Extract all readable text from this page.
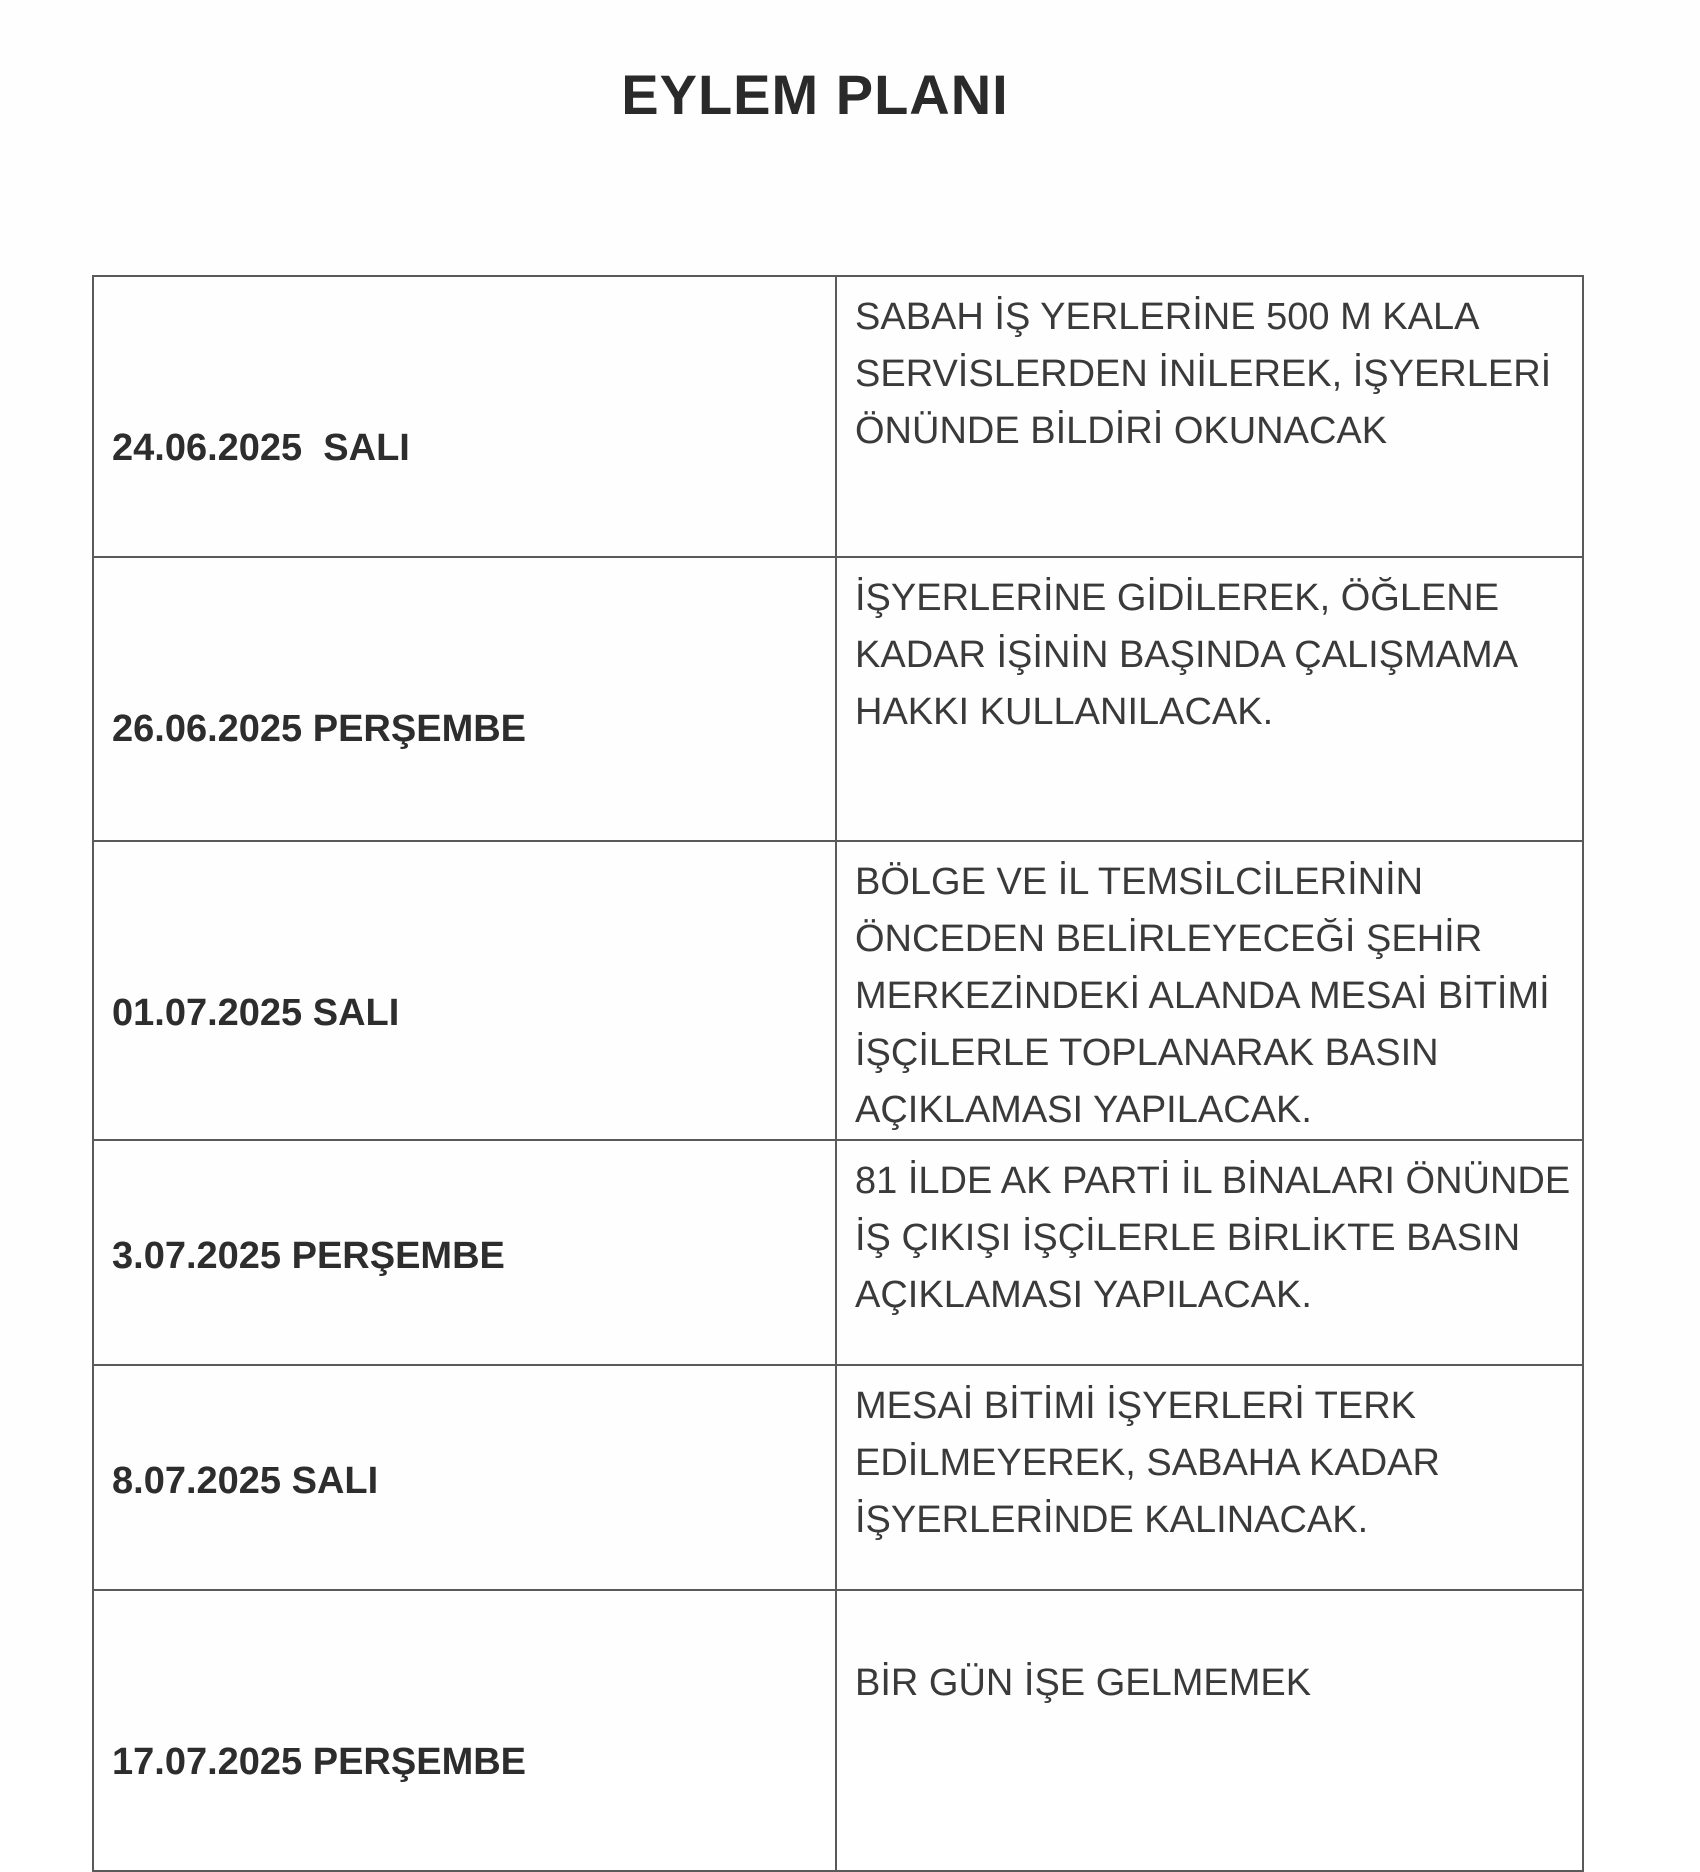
EYLEM PLANI

24.06.2025  SALI	SABAH İŞ YERLERİNE 500 M KALA SERVİSLERDEN İNİLEREK, İŞYERLERİ ÖNÜNDE BİLDİRİ OKUNACAK

26.06.2025 PERŞEMBE	İŞYERLERİNE GİDİLEREK, ÖĞLENE KADAR İŞİNİN BAŞINDA ÇALIŞMAMA HAKKI KULLANILACAK.

01.07.2025 SALI	BÖLGE VE İL TEMSİLCİLERİNİN ÖNCEDEN BELİRLEYECEĞİ ŞEHİR MERKEZİNDEKİ ALANDA MESAİ BİTİMİ İŞÇİLERLE TOPLANARAK BASIN AÇIKLAMASI YAPILACAK.

3.07.2025 PERŞEMBE	81 İLDE AK PARTİ İL BİNALARI ÖNÜNDE İŞ ÇIKIŞI İŞÇİLERLE BİRLİKTE BASIN AÇIKLAMASI YAPILACAK.

8.07.2025 SALI	MESAİ BİTİMİ İŞYERLERİ TERK EDİLMEYEREK, SABAHA KADAR İŞYERLERİNDE KALINACAK.

17.07.2025 PERŞEMBE	BİR GÜN İŞE GELMEMEK
